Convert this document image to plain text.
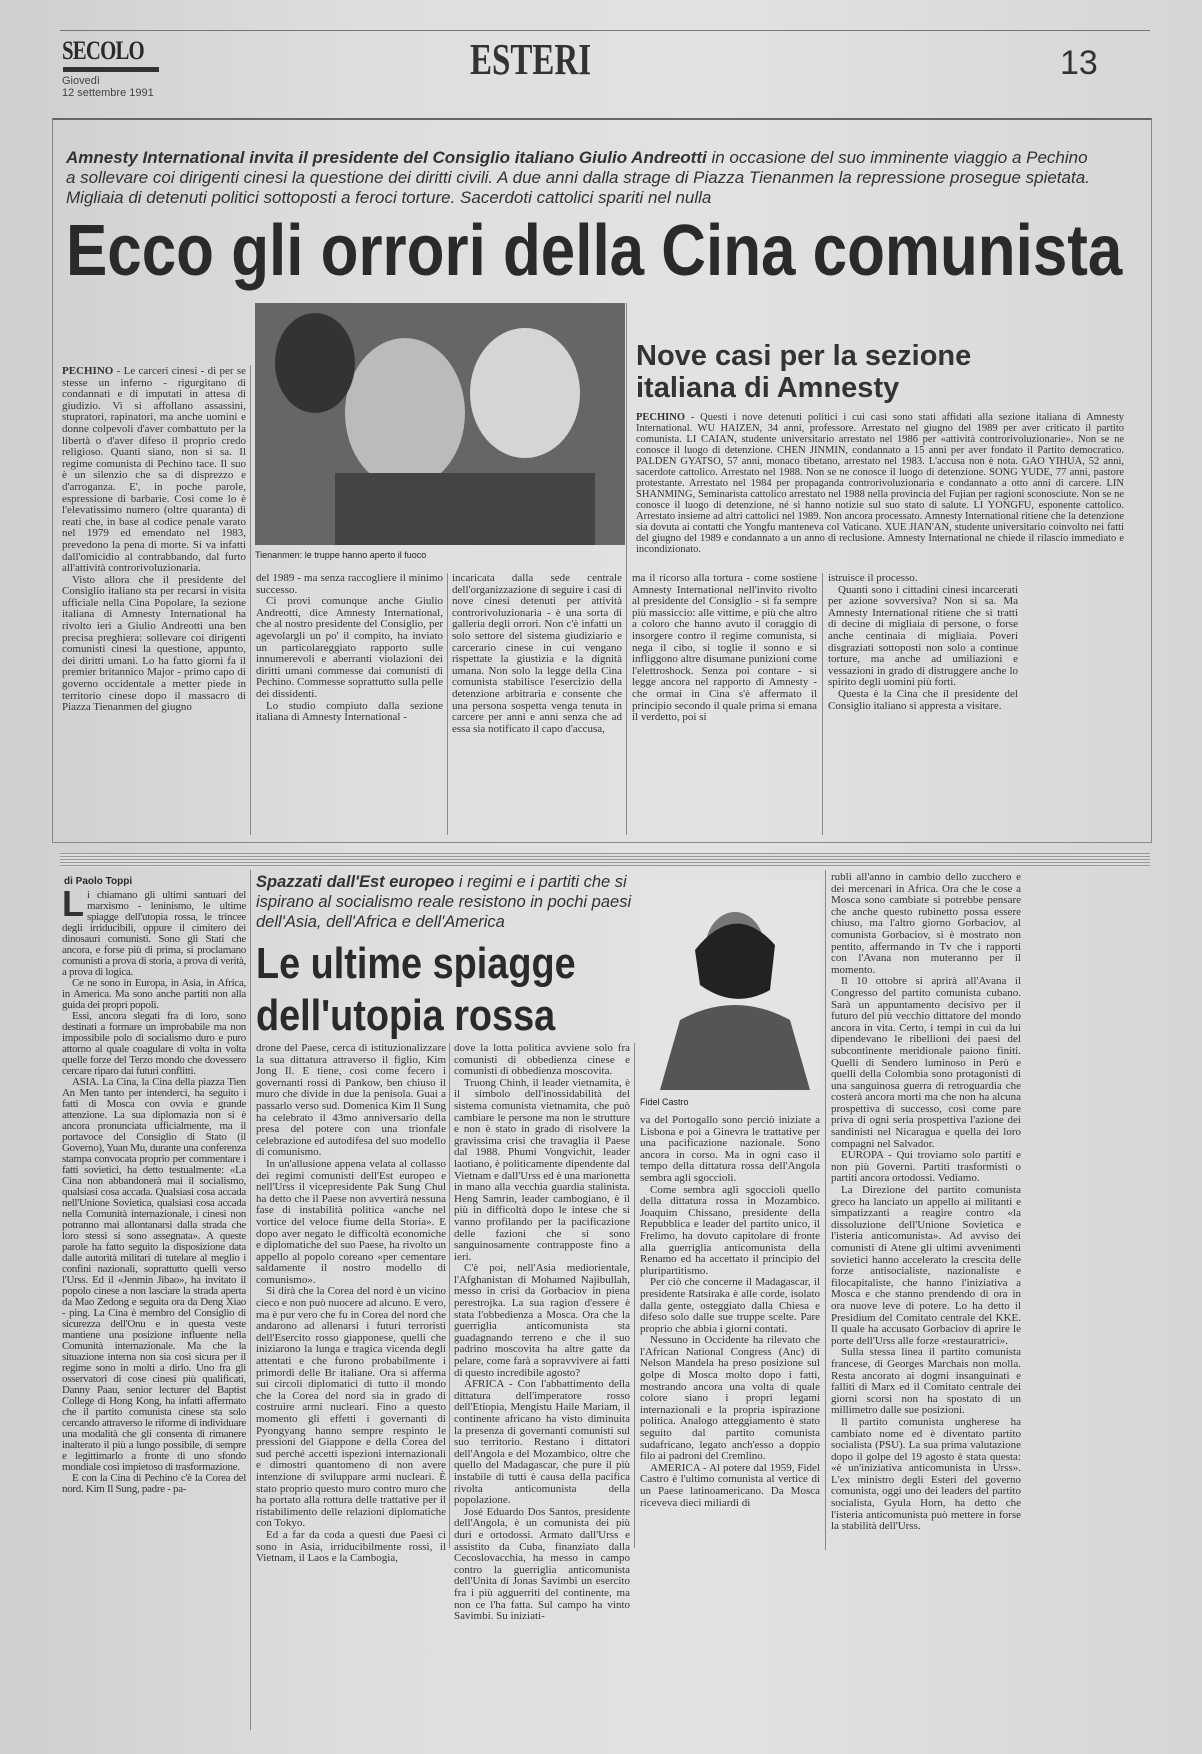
SECOLO
Giovedì
12 settembre 1991
ESTERI	13
Amnesty International invita il presidente del Consiglio italiano Giulio Andreotti in occasione del suo imminente viaggio a Pechino a sollevare coi dirigenti cinesi la questione dei diritti civili. A due anni dalla strage di Piazza Tienanmen la repressione prosegue spietata. Migliaia di detenuti politici sottoposti a feroci torture. Sacerdoti cattolici spariti nel nulla
Ecco gli orrori della Cina comunista
Tienanmen: le truppe hanno aperto il fuoco

PECHINO - Le carceri cinesi - di per se stesse un inferno - rigurgitano di condannati e di imputati in attesa di giudizio. Vi si affollano assassini, stupratori, rapinatori, ma anche uomini e donne colpevoli d'aver combattuto per la libertà o d'aver difeso il proprio credo religioso. Quanti siano, non si sa. Il regime comunista di Pechino tace. Il suo è un silenzio che sa di disprezzo e d'arroganza. E', in poche parole, espressione di barbarie. Così come lo è l'elevatissimo numero (oltre quaranta) di reati che, in base al codice penale varato nel 1979 ed emendato nel 1983, prevedono la pena di morte. Si va infatti dall'omicidio al contrabbando, dal furto all'attività controrivoluzionaria.

Visto allora che il presidente del Consiglio italiano sta per recarsi in visita ufficiale nella Cina Popolare, la sezione italiana di Amnesty International ha rivolto ieri a Giulio Andreotti una ben precisa preghiera: sollevare coi dirigenti comunisti cinesi la questione, appunto, dei diritti umani. Lo ha fatto giorni fa il premier britannico Major - primo capo di governo occidentale a metter piede in territorio cinese dopo il massacro di Piazza Tienanmen del giugno

del 1989 - ma senza raccogliere il minimo successo.

Ci provi comunque anche Giulio Andreotti, dice Amnesty International, che al nostro presidente del Consiglio, per agevolargli un po' il compito, ha inviato un particolareggiato rapporto sulle innumerevoli e aberranti violazioni dei diritti umani commesse dai comunisti di Pechino. Commesse soprattutto sulla pelle dei dissidenti.

Lo studio compiuto dalla sezione italiana di Amnesty International -

incaricata dalla sede centrale dell'organizzazione di seguire i casi di nove cinesi detenuti per attività controrivoluzionaria - è una sorta di galleria degli orrori. Non c'è infatti un solo settore del sistema giudiziario e carcerario cinese in cui vengano rispettate la giustizia e la dignità umana. Non solo la legge della Cina comunista stabilisce l'esercizio della detenzione arbitraria e consente che una persona sospetta venga tenuta in carcere per anni e anni senza che ad essa sia notificato il capo d'accusa,

ma il ricorso alla tortura - come sostiene Amnesty International nell'invito rivolto al presidente del Consiglio - si fa sempre più massiccio: alle vittime, e più che altro a coloro che hanno avuto il coraggio di insorgere contro il regime comunista, si nega il cibo, si toglie il sonno e si infliggono altre disumane punizioni come l'elettroshock. Senza poi contare - si legge ancora nel rapporto di Amnesty - che ormai in Cina s'è affermato il principio secondo il quale prima si emana il verdetto, poi si

istruisce il processo.

Quanti sono i cittadini cinesi incarcerati per azione sovversiva? Non si sa. Ma Amnesty International ritiene che si tratti di decine di migliaia di persone, o forse anche centinaia di migliaia. Poveri disgraziati sottoposti non solo a continue torture, ma anche ad umiliazioni e vessazioni in grado di distruggere anche lo spirito degli uomini più forti.

Questa è la Cina che il presidente del Consiglio italiano si appresta a visitare.

Nove casi per la sezione italiana di Amnesty

PECHINO - Questi i nove detenuti politici i cui casi sono stati affidati alla sezione italiana di Amnesty International. WU HAIZEN, 34 anni, professore. Arrestato nel giugno del 1989 per aver criticato il partito comunista. LI CAIAN, studente universitario arrestato nel 1986 per «attività controrivoluzionarie». Non se ne conosce il luogo di detenzione. CHEN JINMIN, condannato a 15 anni per aver fondato il Partito democratico. PALDEN GYATSO, 57 anni, monaco tibetano, arrestato nel 1983. L'accusa non è nota. GAO YIHUA, 52 anni, sacerdote cattolico. Arrestato nel 1988. Non se ne conosce il luogo di detenzione. SONG YUDE, 77 anni, pastore protestante. Arrestato nel 1984 per propaganda controrivoluzionaria e condannato a otto anni di carcere. LIN SHANMING, Seminarista cattolico arrestato nel 1988 nella provincia del Fujian per ragioni sconosciute. Non se ne conosce il luogo di detenzione, né si hanno notizie sul suo stato di salute. LI YONGFU, esponente cattolico. Arrestato insieme ad altri cattolici nel 1989. Non ancora processato. Amnesty International ritiene che la detenzione sia dovuta ai contatti che Yongfu manteneva col Vaticano. XUE JIAN'AN, studente universitario coinvolto nei fatti del giugno del 1989 e condannato a un anno di reclusione. Amnesty International ne chiede il rilascio immediato e incondizionato.

di Paolo Toppi

Li chiamano gli ultimi santuari del marxismo - leninismo, le ultime spiagge dell'utopia rossa, le trincee degli irriducibili, oppure il cimitero dei dinosauri comunisti. Sono gli Stati che ancora, e forse più di prima, si proclamano comunisti a prova di storia, a prova di verità, a prova di logica.

Ce ne sono in Europa, in Asia, in Africa, in America. Ma sono anche partiti non alla guida dei propri popoli.

Essi, ancora slegati fra di loro, sono destinati a formare un improbabile ma non impossibile polo di socialismo duro e puro attorno al quale coagulare di volta in volta quelle forze del Terzo mondo che dovessero cercare riparo dai futuri conflitti.

ASIA. La Cina, la Cina della piazza Tien An Men tanto per intenderci, ha seguito i fatti di Mosca con ovvia e grande attenzione. La sua diplomazia non si è ancora pronunciata ufficialmente, ma il portavoce del Consiglio di Stato (il Governo), Yuan Mu, durante una conferenza stampa convocata proprio per commentare i fatti sovietici, ha detto testualmente: «La Cina non abbandonerà mai il socialismo, qualsiasi cosa accada. Qualsiasi cosa accada nell'Unione Sovietica, qualsiasi cosa accada nella Comunità internazionale, i cinesi non potranno mai allontanarsi dalla strada che loro stessi si sono assegnata». A queste parole ha fatto seguito la disposizione data dalle autorità militari di tutelare al meglio i confini nazionali, soprattutto quelli verso l'Urss. Ed il «Jenmin Jibao», ha invitato il popolo cinese a non lasciare la strada aperta da Mao Zedong e seguita ora da Deng Xiao - ping. La Cina è membro del Consiglio di sicurezza dell'Onu e in questa veste mantiene una posizione influente nella Comunità internazionale. Ma che la situazione interna non sia così sicura per il regime sono in molti a dirlo. Uno fra gli osservatori di cose cinesi più qualificati, Danny Paau, senior lecturer del Baptist College di Hong Kong, ha infatti affermato che il partito comunista cinese sta solo cercando attraverso le riforme di individuare una modalità che gli consenta di rimanere inalterato il più a lungo possibile, di sempre e legittimarlo a fronte di uno sfondo mondiale così impietoso di trasformazione.

E con la Cina di Pechino c'è la Corea del nord. Kim Il Sung, padre - pa-

Spazzati dall'Est europeo i regimi e i partiti che si ispirano al socialismo reale resistono in pochi paesi dell'Asia, dell'Africa e dell'America
Le ultime spiagge
dell'utopia rossa
Fidel Castro

drone del Paese, cerca di istituzionalizzare la sua dittatura attraverso il figlio, Kim Jong Il. E tiene, così come fecero i governanti rossi di Pankow, ben chiuso il muro che divide in due la penisola. Guai a passarlo verso sud. Domenica Kim Il Sung ha celebrato il 43mo anniversario della presa del potere con una trionfale celebrazione ed autodifesa del suo modello di comunismo.

In un'allusione appena velata al collasso dei regimi comunisti dell'Est europeo e nell'Urss il vicepresidente Pak Sung Chul ha detto che il Paese non avvertirà nessuna fase di instabilità politica «anche nel vortice del veloce fiume della Storia». E dopo aver negato le difficoltà economiche e diplomatiche del suo Paese, ha rivolto un appello al popolo coreano «per cementare saldamente il nostro modello di comunismo».

Si dirà che la Corea del nord è un vicino cieco e non può nuocere ad alcuno. E vero, ma è pur vero che fu in Corea del nord che andarono ad allenarsi i futuri terroristi dell'Esercito rosso giapponese, quelli che iniziarono la lunga e tragica vicenda degli attentati e che furono probabilmente i primordi delle Br italiane. Ora si afferma sui circoli diplomatici di tutto il mondo che la Corea del nord sia in grado di costruire armi nucleari. Fino a questo momento gli effetti i governanti di Pyongyang hanno sempre respinto le pressioni del Giappone e della Corea del sud perché accetti ispezioni internazionali e dimostri quantomeno di non avere intenzione di sviluppare armi nucleari. È stato proprio questo muro contro muro che ha portato alla rottura delle trattative per il ristabilimento delle relazioni diplomatiche con Tokyo.

Ed a far da coda a questi due Paesi ci sono in Asia, irriducibilmente rossi, il Vietnam, il Laos e la Cambogia,

dove la lotta politica avviene solo fra comunisti di obbedienza cinese e comunisti di obbedienza moscovita.

Truong Chinh, il leader vietnamita, è il simbolo dell'inossidabilità del sistema comunista vietnamita, che può cambiare le persone ma non le strutture e non è stato in grado di risolvere la gravissima crisi che travaglia il Paese dal 1988. Phumi Vongvichit, leader laotiano, è politicamente dipendente dal Vietnam e dall'Urss ed è una marionetta in mano alla vecchia guardia stalinista. Heng Samrin, leader cambogiano, è il più in difficoltà dopo le intese che si vanno profilando per la pacificazione delle fazioni che si sono sanguinosamente contrapposte fino a ieri.

C'è poi, nell'Asia mediorientale, l'Afghanistan di Mohamed Najibullah, messo in crisi da Gorbaciov in piena perestrojka. La sua ragion d'essere è stata l'obbedienza a Mosca. Ora che la guerriglia anticomunista sta guadagnando terreno e che il suo padrino moscovita ha altre gatte da pelare, come farà a sopravvivere ai fatti di questo incredibile agosto?

AFRICA - Con l'abbattimento della dittatura dell'imperatore rosso dell'Etiopia, Mengistu Haile Mariam, il continente africano ha visto diminuita la presenza di governanti comunisti sul suo territorio. Restano i dittatori dell'Angola e del Mozambico, oltre che quello del Madagascar, che pure il più instabile di tutti è causa della pacifica rivolta anticomunista della popolazione.

José Eduardo Dos Santos, presidente dell'Angola, è un comunista dei più duri e ortodossi. Armato dall'Urss e assistito da Cuba, finanziato dalla Cecoslovacchia, ha messo in campo contro la guerriglia anticomunista dell'Unita di Jonas Savimbi un esercito fra i più agguerriti del continente, ma non ce l'ha fatta. Sul campo ha vinto Savimbi. Su iniziati-

va del Portogallo sono perciò iniziate a Lisbona e poi a Ginevra le trattative per una pacificazione nazionale. Sono ancora in corso. Ma in ogni caso il tempo della dittatura rossa dell'Angola sembra agli sgoccioli.

Come sembra agli sgoccioli quello della dittatura rossa in Mozambico. Joaquim Chissano, presidente della Repubblica e leader del partito unico, il Frelimo, ha dovuto capitolare di fronte alla guerriglia anticomunista della Renamo ed ha accettato il principio del pluripartitismo.

Per ciò che concerne il Madagascar, il presidente Ratsiraka è alle corde, isolato dalla gente, osteggiato dalla Chiesa e difeso solo dalle sue truppe scelte. Pare proprio che abbia i giorni contati.

Nessuno in Occidente ha rilevato che l'African National Congress (Anc) di Nelson Mandela ha preso posizione sul golpe di Mosca molto dopo i fatti, mostrando ancora una volta di quale colore siano i propri legami internazionali e la propria ispirazione politica. Analogo atteggiamento è stato seguito dal partito comunista sudafricano, legato anch'esso a doppio filo ai padroni del Cremlino.

AMERICA - Al potere dal 1959, Fidel Castro è l'ultimo comunista al vertice di un Paese latinoamericano. Da Mosca riceveva dieci miliardi di

rubli all'anno in cambio dello zucchero e dei mercenari in Africa. Ora che le cose a Mosca sono cambiate si potrebbe pensare che anche questo rubinetto possa essere chiuso, ma l'altro giorno Gorbaciov, al comunista Gorbaciov, si è mostrato non pentito, affermando in Tv che i rapporti con l'Avana non muteranno per il momento.

Il 10 ottobre si aprirà all'Avana il Congresso del partito comunista cubano. Sarà un appuntamento decisivo per il futuro del più vecchio dittatore del mondo ancora in vita. Certo, i tempi in cui da lui dipendevano le ribellioni dei paesi del subcontinente meridionale paiono finiti. Quelli di Sendero luminoso in Perù e quelli della Colombia sono protagonisti di una sanguinosa guerra di retroguardia che costerà ancora morti ma che non ha alcuna prospettiva di successo, così come pare priva di ogni seria prospettiva l'azione dei sandinisti nel Nicaragua e quella dei loro compagni nel Salvador.

EUROPA - Qui troviamo solo partiti e non più Governi. Partiti trasformisti o partiti ancora ortodossi. Vediamo.

La Direzione del partito comunista greco ha lanciato un appello ai militanti e simpatizzanti a reagire contro «la dissoluzione dell'Unione Sovietica e l'isteria anticomunista». Ad avviso dei comunisti di Atene gli ultimi avvenimenti sovietici hanno accelerato la crescita delle forze antisocialiste, nazionaliste e filocapitaliste, che hanno l'iniziativa a Mosca e che stanno prendendo di ora in ora nuove leve di potere. Lo ha detto il Presidium del Comitato centrale del KKE. Il quale ha accusato Gorbaciov di aprire le porte dell'Urss alle forze «restauratrici».

Sulla stessa linea il partito comunista francese, di Georges Marchais non molla. Resta ancorato ai dogmi insanguinati e falliti di Marx ed il Comitato centrale dei giorni scorsi non ha spostato di un millimetro dalle sue posizioni.

Il partito comunista ungherese ha cambiato nome ed è diventato partito socialista (PSU). La sua prima valutazione dopo il golpe del 19 agosto è stata questa: «è un'iniziativa anticomunista in Urss». L'ex ministro degli Esteri del governo comunista, oggi uno dei leaders del partito socialista, Gyula Horn, ha detto che l'isteria anticomunista può mettere in forse la stabilità dell'Urss.
